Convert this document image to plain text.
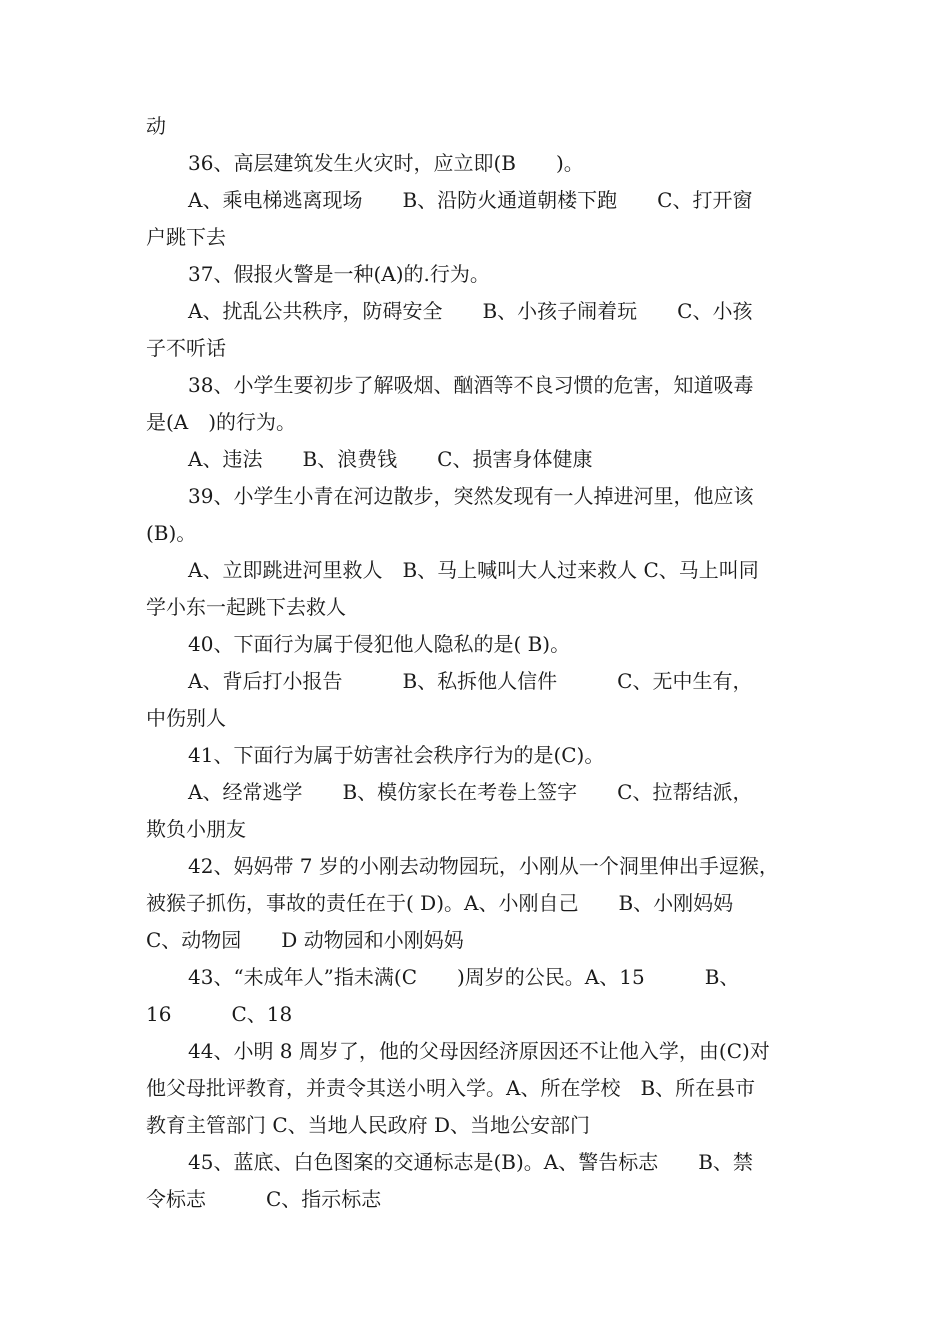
动
36、高层建筑发生火灾时，应立即(B　　)。
A、乘电梯逃离现场　　B、沿防火通道朝楼下跑　　C、打开窗
户跳下去
37、假报火警是一种(A)的.行为。
A、扰乱公共秩序，防碍安全　　B、小孩子闹着玩　　C、小孩
子不听话
38、小学生要初步了解吸烟、酗酒等不良习惯的危害，知道吸毒
是(A　)的行为。
A、违法　　B、浪费钱　　C、损害身体健康
39、小学生小青在河边散步，突然发现有一人掉进河里，他应该
(B)。
A、立即跳进河里救人　B、马上喊叫大人过来救人 C、马上叫同
学小东一起跳下去救人
40、下面行为属于侵犯他人隐私的是( B)。
A、背后打小报告　　　B、私拆他人信件　　　C、无中生有，
中伤别人
41、下面行为属于妨害社会秩序行为的是(C)。
A、经常逃学　　B、模仿家长在考卷上签字　　C、拉帮结派，
欺负小朋友
42、妈妈带 7 岁的小刚去动物园玩，小刚从一个洞里伸出手逗猴，
被猴子抓伤，事故的责任在于( D)。A、小刚自己　　B、小刚妈妈
C、动物园　　D 动物园和小刚妈妈
43、“未成年人”指未满(C　　)周岁的公民。A、15　　　B、
16　　　C、18
44、小明 8 周岁了，他的父母因经济原因还不让他入学，由(C)对
他父母批评教育，并责令其送小明入学。A、所在学校　B、所在县市
教育主管部门 C、当地人民政府 D、当地公安部门
45、蓝底、白色图案的交通标志是(B)。A、警告标志　　B、禁
令标志　　　C、指示标志
